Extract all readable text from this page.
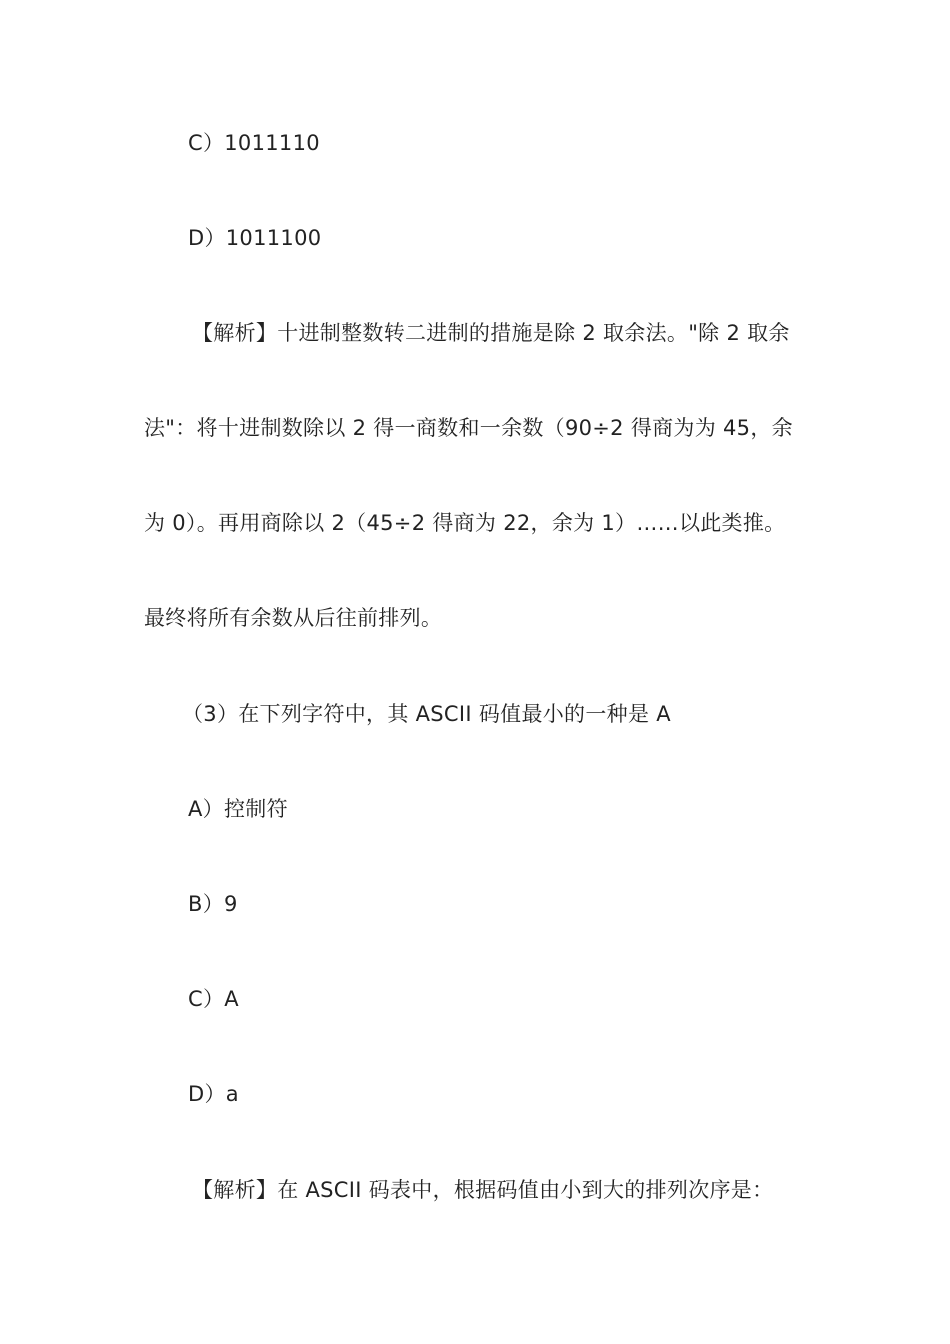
C）1011110
D）1011100
【解析】十进制整数转二进制的措施是除 2 取余法。"除 2 取余
法"：将十进制数除以 2 得一商数和一余数（90÷2 得商为为 45，余
为 0）。再用商除以 2（45÷2 得商为 22，余为 1）……以此类推。
最终将所有余数从后往前排列。
（3）在下列字符中，其 ASCII 码值最小的一种是 A
A）控制符
B）9
C）A
D）a
【解析】在 ASCII 码表中，根据码值由小到大的排列次序是：
